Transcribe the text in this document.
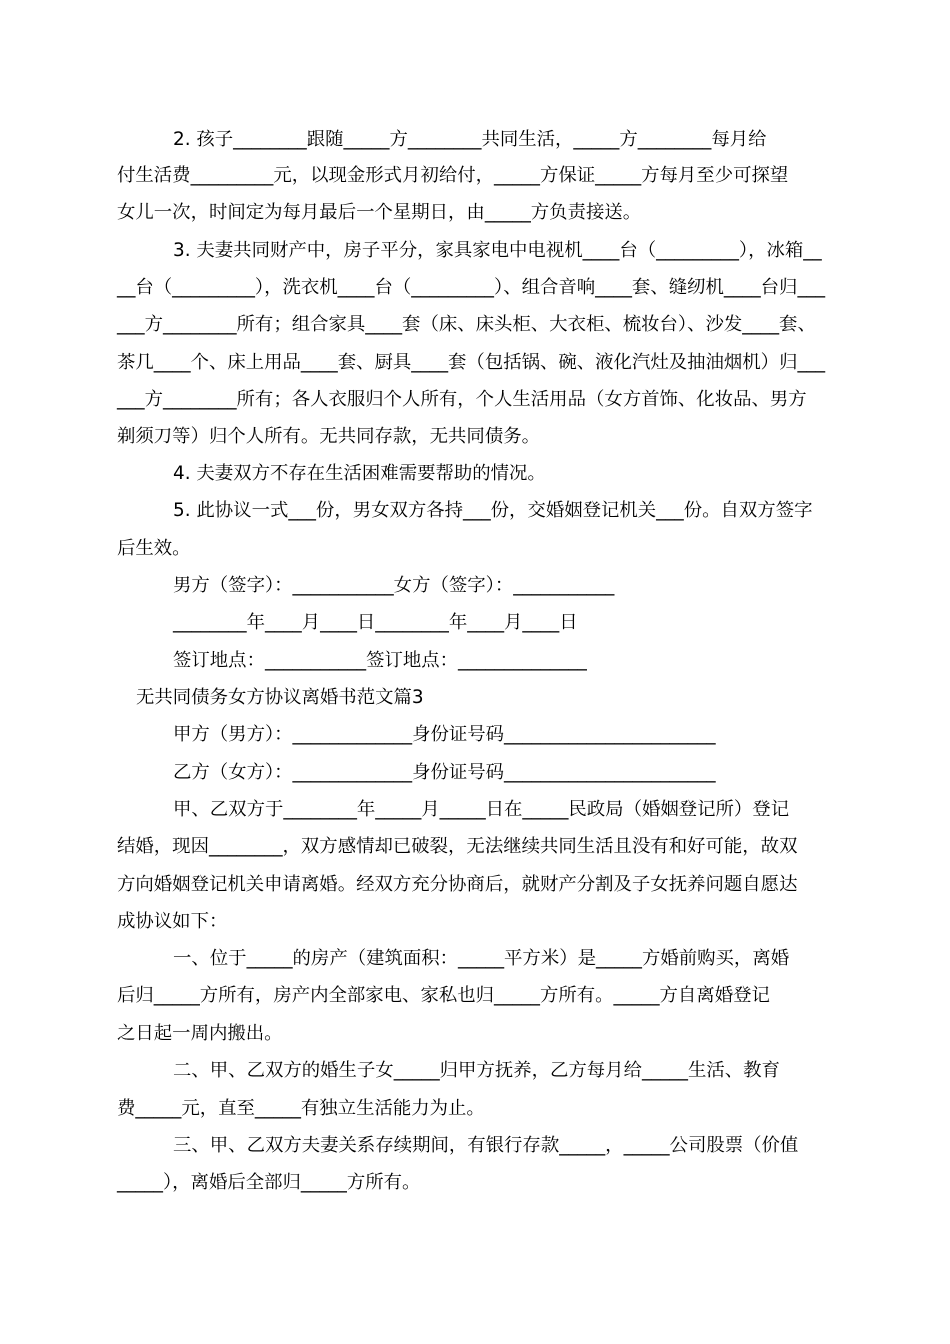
2. 孩子________跟随_____方________共同生活，_____方________每月给
付生活费_________元，以现金形式月初给付，_____方保证_____方每月至少可探望
女儿一次，时间定为每月最后一个星期日，由_____方负责接送。
3. 夫妻共同财产中，房子平分，家具家电中电视机____台（_________），冰箱__
__台（_________），洗衣机____台（_________）、组合音响____套、缝纫机____台归___
___方________所有；组合家具____套（床、床头柜、大衣柜、梳妆台）、沙发____套、
茶几____个、床上用品____套、厨具____套（包括锅、碗、液化汽灶及抽油烟机）归___
___方________所有；各人衣服归个人所有，个人生活用品（女方首饰、化妆品、男方
剃须刀等）归个人所有。无共同存款，无共同债务。
4. 夫妻双方不存在生活困难需要帮助的情况。
5. 此协议一式___份，男女双方各持___份，交婚姻登记机关___份。自双方签字
后生效。
男方（签字）：___________女方（签字）：___________
________年____月____日________年____月____日
签订地点：___________签订地点：______________
无共同债务女方协议离婚书范文篇3
甲方（男方）：_____________身份证号码_______________________
乙方（女方）：_____________身份证号码_______________________
甲、乙双方于________年_____月_____日在_____民政局（婚姻登记所）登记
结婚，现因________，双方感情却已破裂，无法继续共同生活且没有和好可能，故双
方向婚姻登记机关申请离婚。经双方充分协商后，就财产分割及子女抚养问题自愿达
成协议如下：
一、位于_____的房产（建筑面积：_____平方米）是_____方婚前购买，离婚
后归_____方所有，房产内全部家电、家私也归_____方所有。_____方自离婚登记
之日起一周内搬出。
二、甲、乙双方的婚生子女_____归甲方抚养，乙方每月给_____生活、教育
费_____元，直至_____有独立生活能力为止。
三、甲、乙双方夫妻关系存续期间，有银行存款_____，_____公司股票（价值
_____），离婚后全部归_____方所有。
